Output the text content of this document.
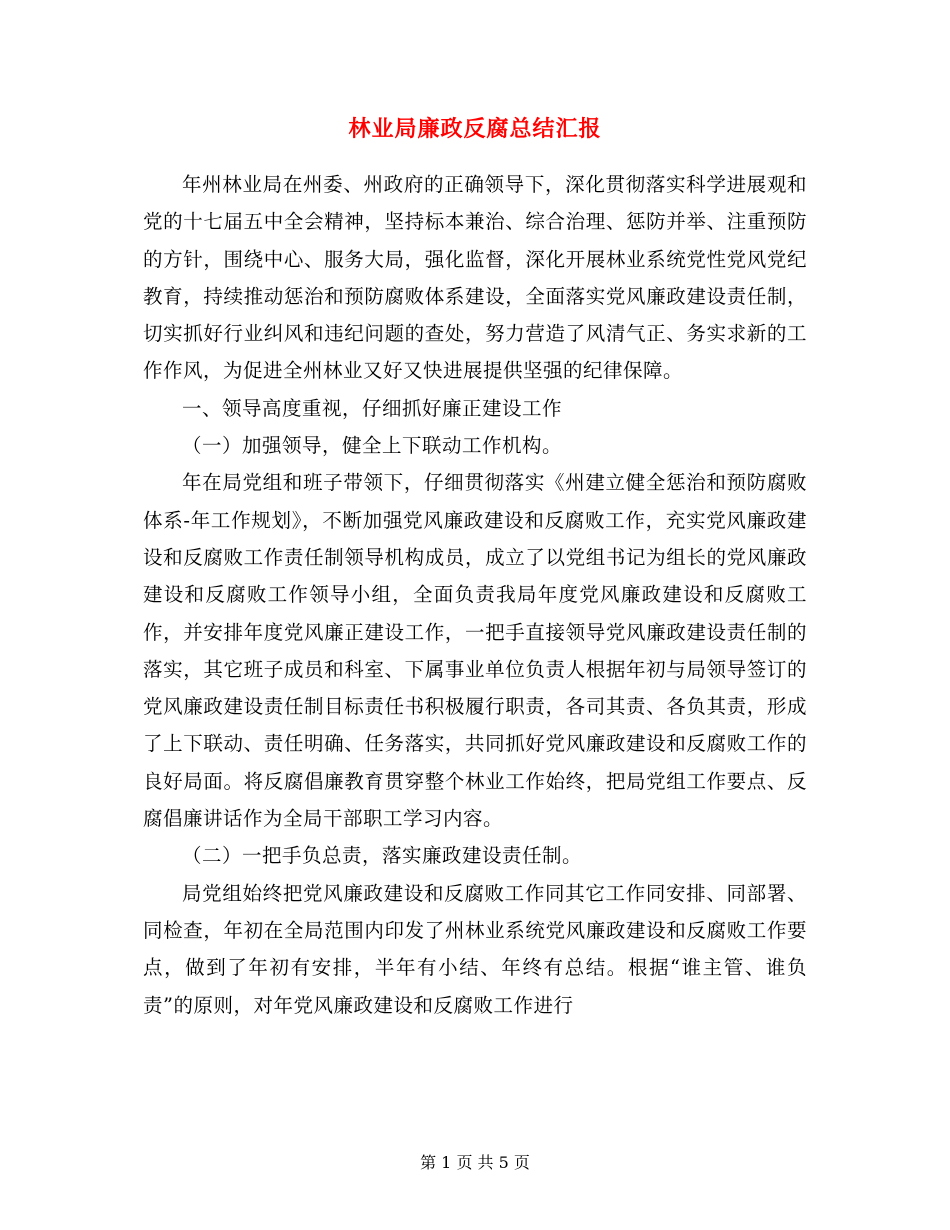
林业局廉政反腐总结汇报

年州林业局在州委、州政府的正确领导下，深化贯彻落实科学进展观和党的十七届五中全会精神，坚持标本兼治、综合治理、惩防并举、注重预防的方针，围绕中心、服务大局，强化监督，深化开展林业系统党性党风党纪教育，持续推动惩治和预防腐败体系建设，全面落实党风廉政建设责任制，切实抓好行业纠风和违纪问题的查处，努力营造了风清气正、务实求新的工作作风，为促进全州林业又好又快进展提供坚强的纪律保障。

一、领导高度重视，仔细抓好廉正建设工作

（一）加强领导，健全上下联动工作机构。

年在局党组和班子带领下，仔细贯彻落实《州建立健全惩治和预防腐败体系-年工作规划》，不断加强党风廉政建设和反腐败工作，充实党风廉政建设和反腐败工作责任制领导机构成员，成立了以党组书记为组长的党风廉政建设和反腐败工作领导小组，全面负责我局年度党风廉政建设和反腐败工作，并安排年度党风廉正建设工作，一把手直接领导党风廉政建设责任制的落实，其它班子成员和科室、下属事业单位负责人根据年初与局领导签订的党风廉政建设责任制目标责任书积极履行职责，各司其责、各负其责，形成了上下联动、责任明确、任务落实，共同抓好党风廉政建设和反腐败工作的良好局面。将反腐倡廉教育贯穿整个林业工作始终，把局党组工作要点、反腐倡廉讲话作为全局干部职工学习内容。

（二）一把手负总责，落实廉政建设责任制。

局党组始终把党风廉政建设和反腐败工作同其它工作同安排、同部署、同检查，年初在全局范围内印发了州林业系统党风廉政建设和反腐败工作要点，做到了年初有安排，半年有小结、年终有总结。根据“谁主管、谁负责”的原则，对年党风廉政建设和反腐败工作进行

第 1 页 共 5 页
